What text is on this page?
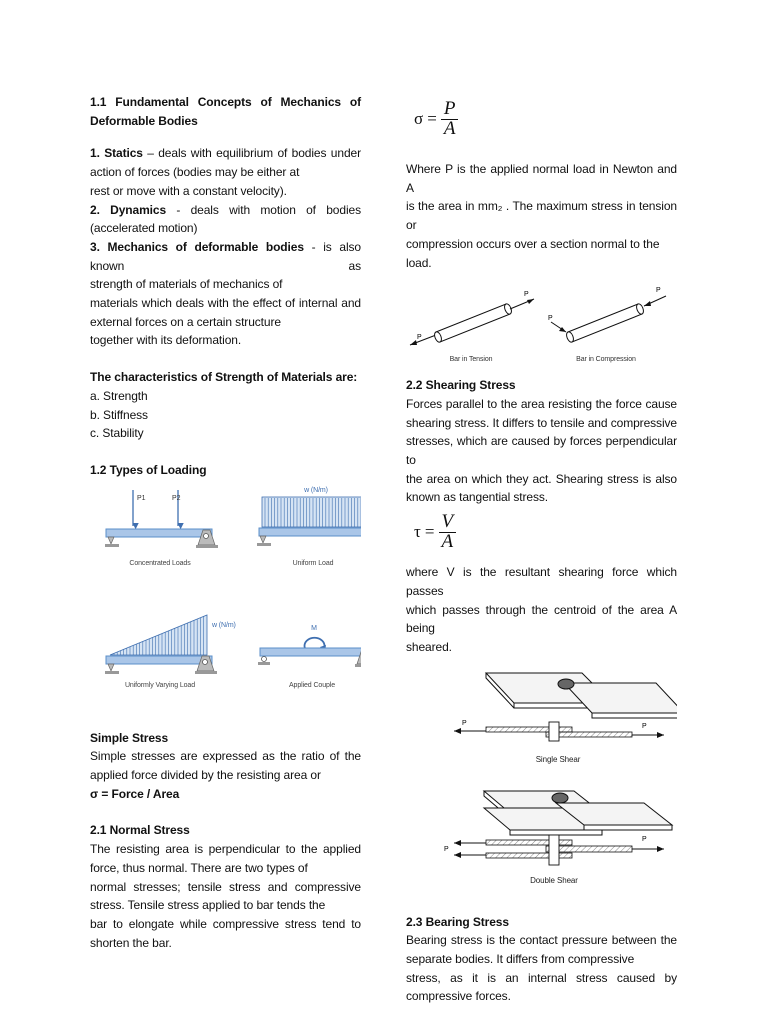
1.1 Fundamental Concepts of Mechanics of
Deformable Bodies
1. Statics – deals with equilibrium of bodies under
action of forces (bodies may be either at
rest or move with a constant velocity).
2. Dynamics - deals with motion of bodies
(accelerated motion)
3. Mechanics of deformable bodies - is also known as
strength of materials of mechanics of
materials which deals with the effect of internal and
external forces on a certain structure
together with its deformation.
The characteristics of Strength of Materials are:
a. Strength
b. Stiffness
c. Stability
1.2 Types of Loading
P1	P2
Concentrated Loads
w (N/m)
Uniform Load
w (N/m)
Uniformly Varying Load
M
Applied Couple
Simple Stress
Simple stresses are expressed as the ratio of the
applied force divided by the resisting area or
σ = Force / Area
2.1 Normal Stress
The resisting area is perpendicular to the applied
force, thus normal. There are two types of
normal stresses; tensile stress and compressive
stress. Tensile stress applied to bar tends the
bar to elongate while compressive stress tend to
shorten the bar.
$\sigma = \frac{P}{A}$
Where P is the applied normal load in Newton and A
is the area in mm₂ . The maximum stress in tension or
compression occurs over a section normal to the load.
P
P
Bar in Tension
P
P
Bar in Compression
2.2 Shearing Stress
Forces parallel to the area resisting the force cause
shearing stress. It differs to tensile and compressive
stresses, which are caused by forces perpendicular to
the area on which they act. Shearing stress is also
known as tangential stress.
$\tau = \frac{V}{A}$
where V is the resultant shearing force which passes
which passes through the centroid of the area A being
sheared.
P	P
Single Shear
P
P
Double Shear
2.3 Bearing Stress
Bearing stress is the contact pressure between the
separate bodies. It differs from compressive
stress, as it is an internal stress caused by
compressive forces.
